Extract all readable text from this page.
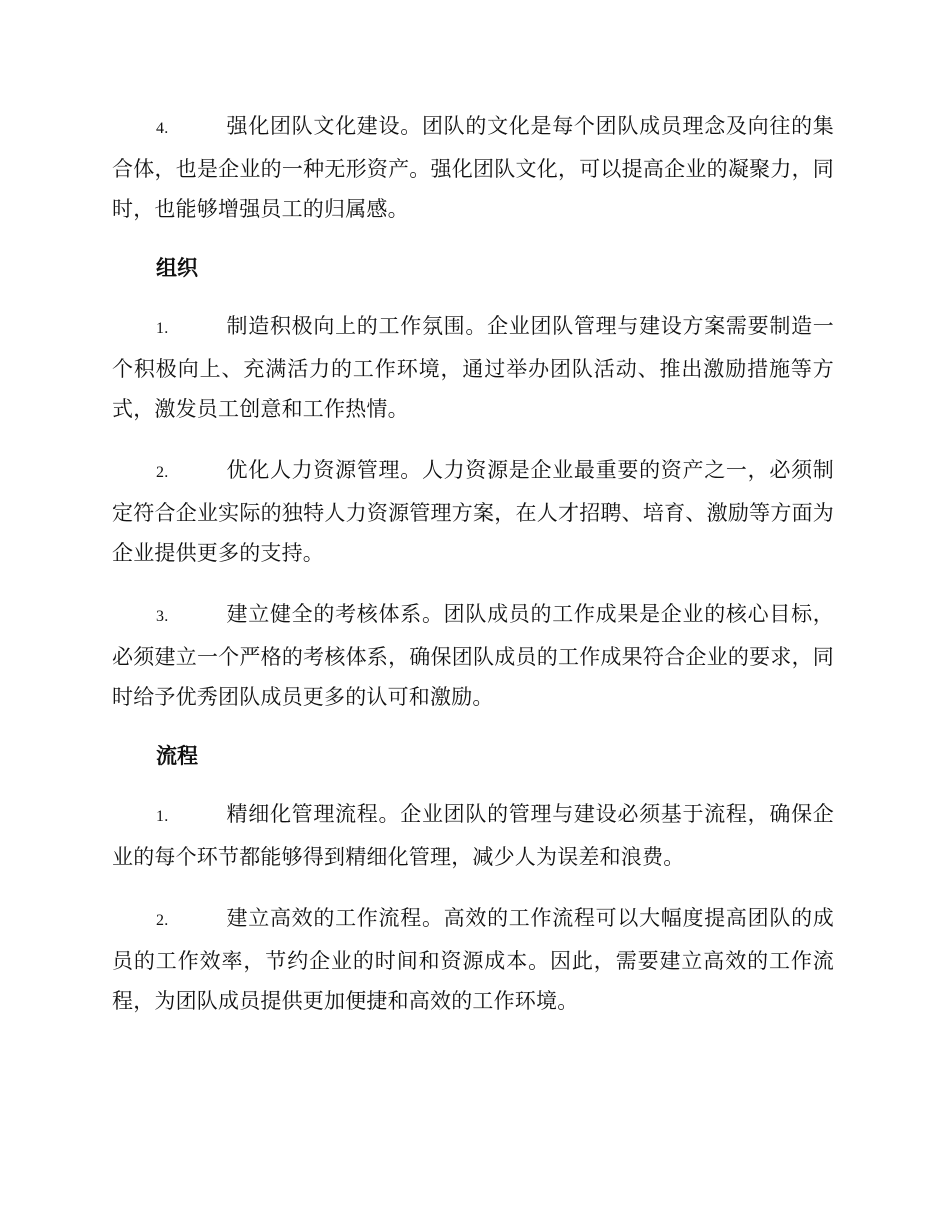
4.	强化团队文化建设。团队的文化是每个团队成员理念及向往的集合体，也是企业的一种无形资产。强化团队文化，可以提高企业的凝聚力，同时，也能够增强员工的归属感。

组织

1.	制造积极向上的工作氛围。企业团队管理与建设方案需要制造一个积极向上、充满活力的工作环境，通过举办团队活动、推出激励措施等方式，激发员工创意和工作热情。

2.	优化人力资源管理。人力资源是企业最重要的资产之一，必须制定符合企业实际的独特人力资源管理方案，在人才招聘、培育、激励等方面为企业提供更多的支持。

3.	建立健全的考核体系。团队成员的工作成果是企业的核心目标，必须建立一个严格的考核体系，确保团队成员的工作成果符合企业的要求，同时给予优秀团队成员更多的认可和激励。

流程

1.	精细化管理流程。企业团队的管理与建设必须基于流程，确保企业的每个环节都能够得到精细化管理，减少人为误差和浪费。

2.	建立高效的工作流程。高效的工作流程可以大幅度提高团队的成员的工作效率，节约企业的时间和资源成本。因此，需要建立高效的工作流程，为团队成员提供更加便捷和高效的工作环境。
